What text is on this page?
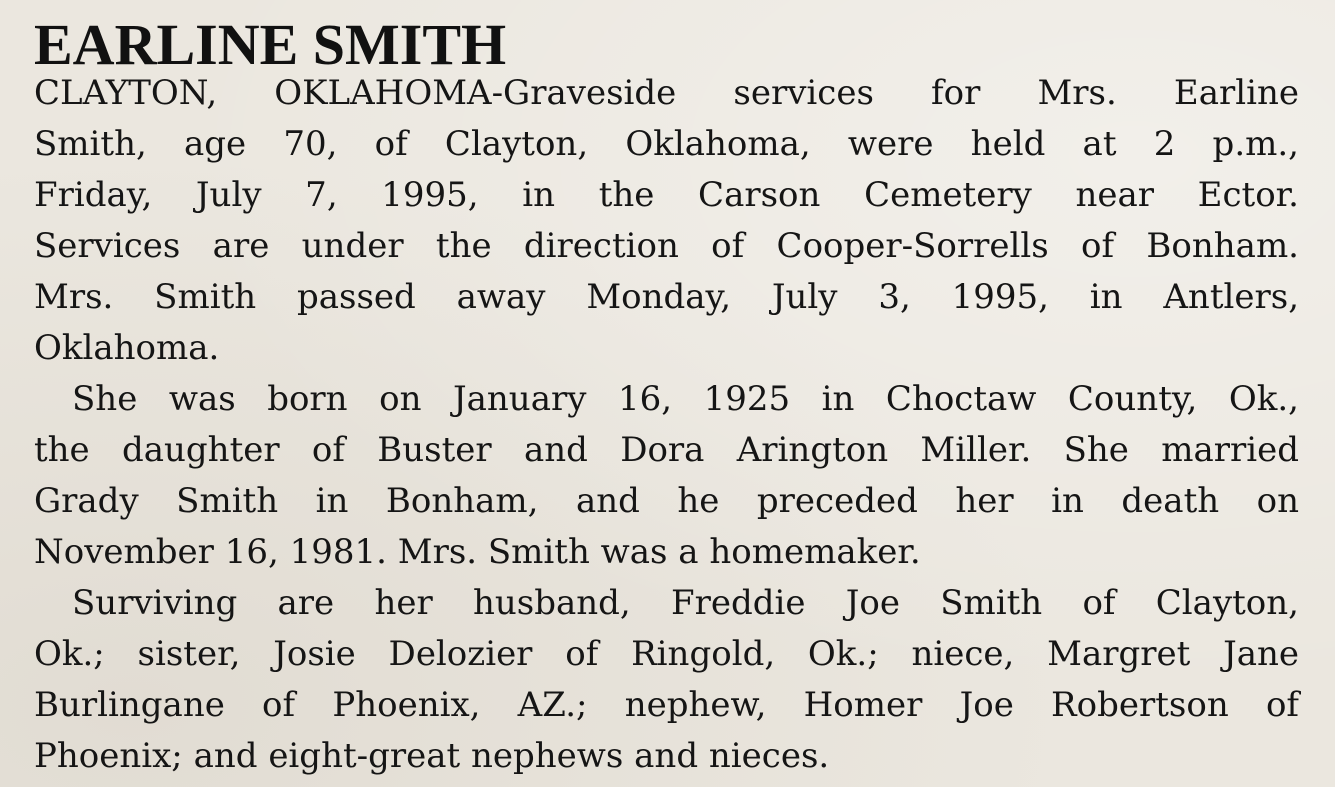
EARLINE SMITH
CLAYTON, OKLAHOMA-Graveside services for Mrs. Earline
Smith, age 70, of Clayton, Oklahoma, were held at 2 p.m.,
Friday, July 7, 1995, in the Carson Cemetery near Ector.
Services are under the direction of Cooper-Sorrells of Bonham.
Mrs. Smith passed away Monday, July 3, 1995, in Antlers,
Oklahoma.
She was born on January 16, 1925 in Choctaw County, Ok.,
the daughter of Buster and Dora Arington Miller. She married
Grady Smith in Bonham, and he preceded her in death on
November 16, 1981. Mrs. Smith was a homemaker.
Surviving are her husband, Freddie Joe Smith of Clayton,
Ok.; sister, Josie Delozier of Ringold, Ok.; niece, Margret Jane
Burlingane of Phoenix, AZ.; nephew, Homer Joe Robertson of
Phoenix; and eight-great nephews and nieces.
